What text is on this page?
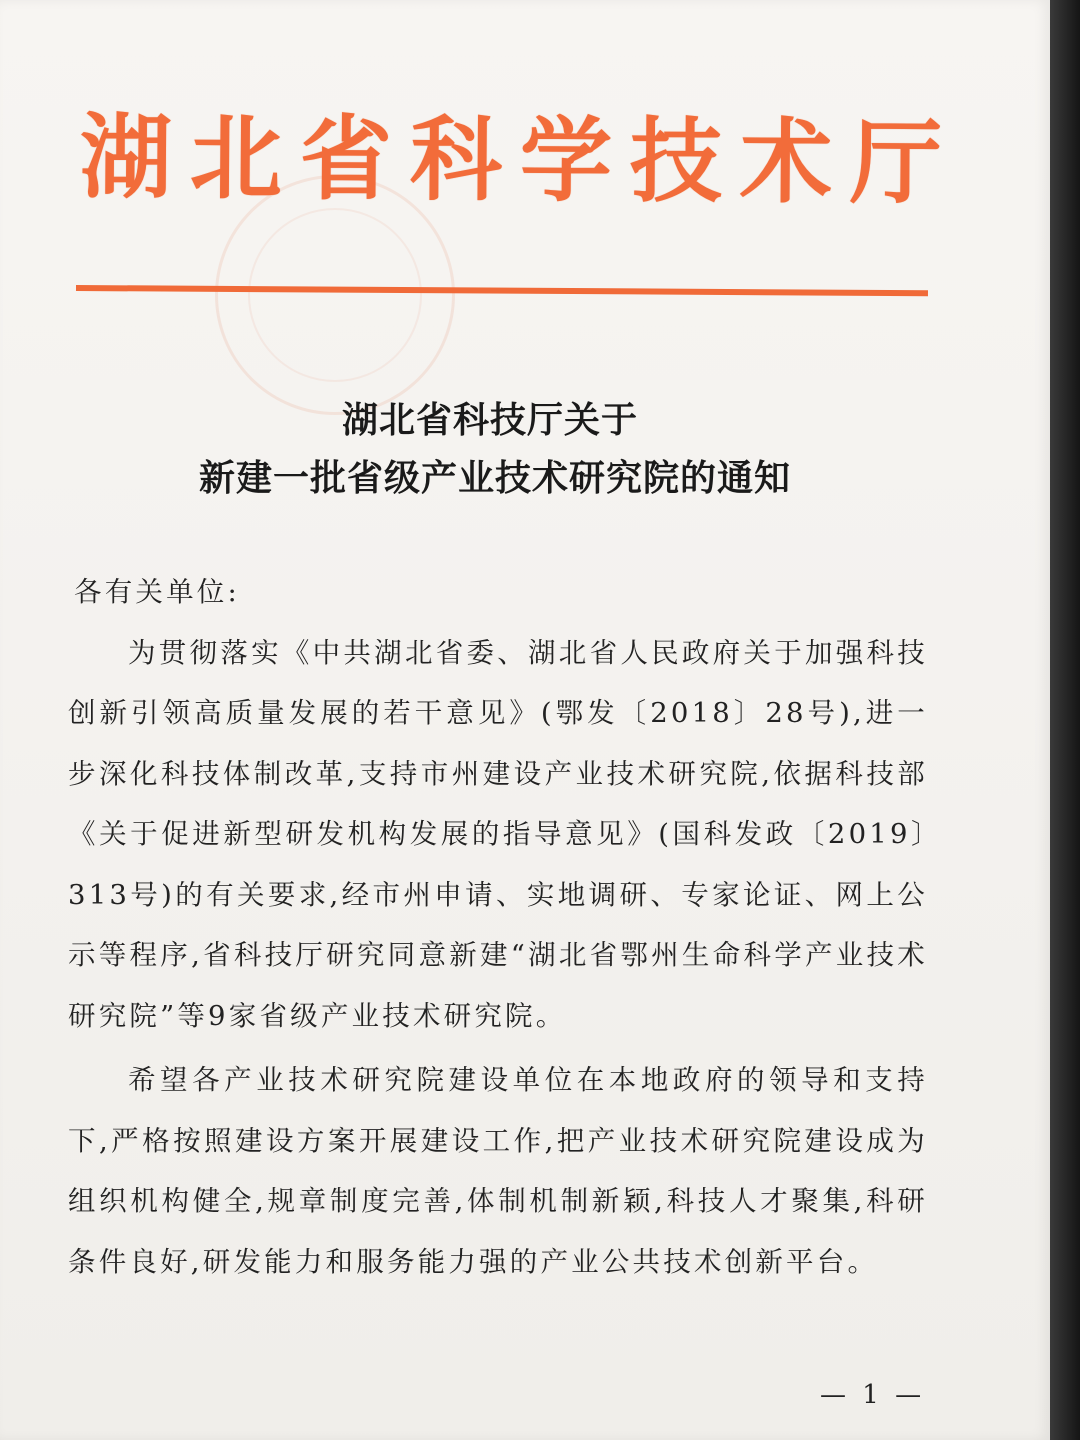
湖北省科学技术厅
湖北省科技厅关于
新建一批省级产业技术研究院的通知

各有关单位:

为贯彻落实《中共湖北省委、湖北省人民政府关于加强科技创新引领高质量发展的若干意见》(鄂发〔2018〕28号),进一步深化科技体制改革,支持市州建设产业技术研究院,依据科技部《关于促进新型研发机构发展的指导意见》(国科发政〔2019〕313号)的有关要求,经市州申请、实地调研、专家论证、网上公示等程序,省科技厅研究同意新建“湖北省鄂州生命科学产业技术研究院”等9家省级产业技术研究院。

希望各产业技术研究院建设单位在本地政府的领导和支持下,严格按照建设方案开展建设工作,把产业技术研究院建设成为组织机构健全,规章制度完善,体制机制新颖,科技人才聚集,科研条件良好,研发能力和服务能力强的产业公共技术创新平台。

— 1 —
